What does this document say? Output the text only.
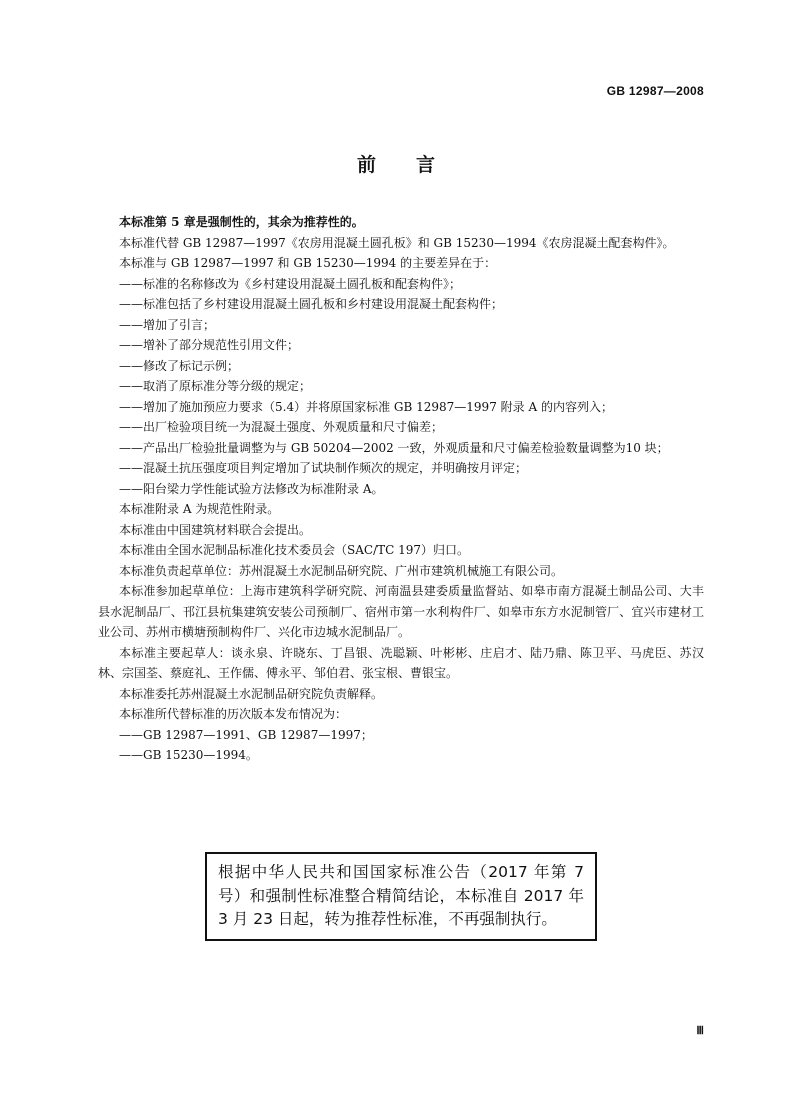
GB 12987—2008
前言

本标准第 5 章是强制性的，其余为推荐性的。

本标准代替 GB 12987—1997《农房用混凝土圆孔板》和 GB 15230—1994《农房混凝土配套构件》。

本标准与 GB 12987—1997 和 GB 15230—1994 的主要差异在于：

——标准的名称修改为《乡村建设用混凝土圆孔板和配套构件》；

——标准包括了乡村建设用混凝土圆孔板和乡村建设用混凝土配套构件；

——增加了引言；

——增补了部分规范性引用文件；

——修改了标记示例；

——取消了原标准分等分级的规定；

——增加了施加预应力要求（5.4）并将原国家标准 GB 12987—1997 附录 A 的内容列入；

——出厂检验项目统一为混凝土强度、外观质量和尺寸偏差；

——产品出厂检验批量调整为与 GB 50204—2002 一致，外观质量和尺寸偏差检验数量调整为10 块；

——混凝土抗压强度项目判定增加了试块制作频次的规定，并明确按月评定；

——阳台梁力学性能试验方法修改为标准附录 A。

本标准附录 A 为规范性附录。

本标准由中国建筑材料联合会提出。

本标准由全国水泥制品标准化技术委员会（SAC/TC 197）归口。

本标准负责起草单位：苏州混凝土水泥制品研究院、广州市建筑机械施工有限公司。

本标准参加起草单位：上海市建筑科学研究院、河南温县建委质量监督站、如皋市南方混凝土制品公司、大丰县水泥制品厂、邗江县杭集建筑安装公司预制厂、宿州市第一水利构件厂、如皋市东方水泥制管厂、宜兴市建材工业公司、苏州市横塘预制构件厂、兴化市边城水泥制品厂。

本标准主要起草人：谈永泉、许晓东、丁昌银、冼聪颖、叶彬彬、庄启才、陆乃鼎、陈卫平、马虎臣、苏汉林、宗国荃、蔡庭礼、王作儒、傅永平、邹伯君、张宝根、曹银宝。

本标准委托苏州混凝土水泥制品研究院负责解释。

本标准所代替标准的历次版本发布情况为：

——GB 12987—1991、GB 12987—1997；

——GB 15230—1994。

根据中华人民共和国国家标准公告（2017 年第 7 号）和强制性标准整合精简结论，本标准自 2017 年 3 月 23 日起，转为推荐性标准，不再强制执行。
Ⅲ
